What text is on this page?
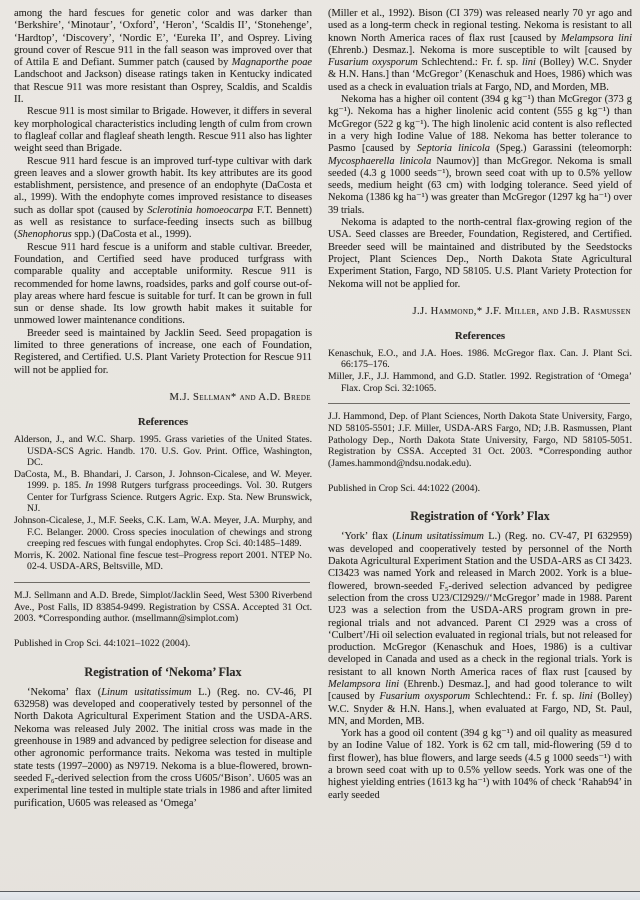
among the hard fescues for genetic color and was darker than ‘Berkshire’, ‘Minotaur’, ‘Oxford’, ‘Heron’, ‘Scaldis II’, ‘Stonehenge’, ‘Hardtop’, ‘Discovery’, ‘Nordic E’, ‘Eureka II’, and Osprey. Living ground cover of Rescue 911 in the fall season was improved over that of Attila E and Defiant. Summer patch (caused by Magnaporthe poae Landschoot and Jackson) disease ratings taken in Kentucky indicated that Rescue 911 was more resistant than Osprey, Scaldis, and Scaldis II.

Rescue 911 is most similar to Brigade. However, it differs in several key morphological characteristics including length of culm from crown to flagleaf collar and flagleaf sheath length. Rescue 911 also has lighter weight seed than Brigade.

Rescue 911 hard fescue is an improved turf-type cultivar with dark green leaves and a slower growth habit. Its key attributes are its good establishment, persistence, and presence of an endophyte (DaCosta et al., 1999). With the endophyte comes improved resistance to diseases such as dollar spot (caused by Sclerotinia homoeocarpa F.T. Bennett) as well as resistance to surface-feeding insects such as billbug (Shenophorus spp.) (DaCosta et al., 1999).

Rescue 911 hard fescue is a uniform and stable cultivar. Breeder, Foundation, and Certified seed have produced turfgrass with comparable quality and acceptable uniformity. Rescue 911 is recommended for home lawns, roadsides, parks and golf course out-of-play areas where hard fescue is suitable for turf. It can be grown in full sun or dense shade. Its low growth habit makes it suitable for unmowed lower maintenance conditions.

Breeder seed is maintained by Jacklin Seed. Seed propagation is limited to three generations of increase, one each of Foundation, Registered, and Certified. U.S. Plant Variety Protection for Rescue 911 will not be applied for.

M.J. Sellman* and A.D. Brede

References

Alderson, J., and W.C. Sharp. 1995. Grass varieties of the United States. USDA-SCS Agric. Handb. 170. U.S. Gov. Print. Office, Washington, DC.

DaCosta, M., B. Bhandari, J. Carson, J. Johnson-Cicalese, and W. Meyer. 1999. p. 185. In 1998 Rutgers turfgrass proceedings. Vol. 30. Rutgers Center for Turfgrass Science. Rutgers Agric. Exp. Sta. New Brunswick, NJ.

Johnson-Cicalese, J., M.F. Seeks, C.K. Lam, W.A. Meyer, J.A. Murphy, and F.C. Belanger. 2000. Cross species inoculation of chewings and strong creeping red fescues with fungal endophytes. Crop Sci. 40:1485–1489.

Morris, K. 2002. National fine fescue test–Progress report 2001. NTEP No. 02-4. USDA-ARS, Beltsville, MD.

M.J. Sellmann and A.D. Brede, Simplot/Jacklin Seed, West 5300 Riverbend Ave., Post Falls, ID 83854-9499. Registration by CSSA. Accepted 31 Oct. 2003. *Corresponding author. (msellmann@simplot.com)

Published in Crop Sci. 44:1021–1022 (2004).

Registration of ‘Nekoma’ Flax

‘Nekoma’ flax (Linum usitatissimum L.) (Reg. no. CV-46, PI 632958) was developed and cooperatively tested by personnel of the North Dakota Agricultural Experiment Station and the USDA-ARS. Nekoma was released July 2002. The initial cross was made in the greenhouse in 1989 and advanced by pedigree selection for disease and other agronomic performance traits. Nekoma was tested in multiple state tests (1997–2000) as N9719. Nekoma is a blue-flowered, brown-seeded F₆-derived selection from the cross U605/‘Bison’. U605 was an experimental line tested in multiple state trials in 1986 and after limited purification, U605 was released as ‘Omega’

(Miller et al., 1992). Bison (CI 379) was released nearly 70 yr ago and used as a long-term check in regional testing. Nekoma is resistant to all known North America races of flax rust [caused by Melampsora lini (Ehrenb.) Desmaz.]. Nekoma is more susceptible to wilt [caused by Fusarium oxysporum Schlechtend.: Fr. f. sp. lini (Bolley) W.C. Snyder & H.N. Hans.] than ‘McGregor’ (Kenaschuk and Hoes, 1986) which was used as a check in evaluation trials at Fargo, ND, and Morden, MB.

Nekoma has a higher oil content (394 g kg⁻¹) than McGregor (373 g kg⁻¹). Nekoma has a higher linolenic acid content (555 g kg⁻¹) than McGregor (522 g kg⁻¹). The high linolenic acid content is also reflected in a very high Iodine Value of 188. Nekoma has better tolerance to Pasmo [caused by Septoria linicola (Speg.) Garassini (teleomorph: Mycosphaerella linicola Naumov)] than McGregor. Nekoma is small seeded (4.3 g 1000 seeds⁻¹), brown seed coat with up to 0.5% yellow seeds, medium height (63 cm) with lodging tolerance. Seed yield of Nekoma (1386 kg ha⁻¹) was greater than McGregor (1297 kg ha⁻¹) over 39 trials.

Nekoma is adapted to the north-central flax-growing region of the USA. Seed classes are Breeder, Foundation, Registered, and Certified. Breeder seed will be maintained and distributed by the Seedstocks Project, Plant Sciences Dep., North Dakota State Agricultural Experiment Station, Fargo, ND 58105. U.S. Plant Variety Protection for Nekoma will not be applied for.

J.J. Hammond,* J.F. Miller, and J.B. Rasmussen

References

Kenaschuk, E.O., and J.A. Hoes. 1986. McGregor flax. Can. J. Plant Sci. 66:175–176.

Miller, J.F., J.J. Hammond, and G.D. Statler. 1992. Registration of ‘Omega’ Flax. Crop Sci. 32:1065.

J.J. Hammond, Dep. of Plant Sciences, North Dakota State University, Fargo, ND 58105-5501; J.F. Miller, USDA-ARS Fargo, ND; J.B. Rasmussen, Plant Pathology Dep., North Dakota State University, Fargo, ND 58105-5051. Registration by CSSA. Accepted 31 Oct. 2003. *Corresponding author (James.hammond@ndsu.nodak.edu).

Published in Crop Sci. 44:1022 (2004).

Registration of ‘York’ Flax

‘York’ flax (Linum usitatissimum L.) (Reg. no. CV-47, PI 632959) was developed and cooperatively tested by personnel of the North Dakota Agricultural Experiment Station and the USDA-ARS as CI 3423. CI3423 was named York and released in March 2002. York is a blue-flowered, brown-seeded F₅-derived selection advanced by pedigree selection from the cross U23/CI2929//‘McGregor’ made in 1988. Parent U23 was a selection from the USDA-ARS program grown in pre-regional trials and not advanced. Parent CI 2929 was a cross of ‘Culbert’/Hi oil selection evaluated in regional trials, but not released for production. McGregor (Kenaschuk and Hoes, 1986) is a cultivar developed in Canada and used as a check in the regional trials. York is resistant to all known North America races of flax rust [caused by Melampsora lini (Ehrenb.) Desmaz.], and had good tolerance to wilt [caused by Fusarium oxysporum Schlechtend.: Fr. f. sp. lini (Bolley) W.C. Snyder & H.N. Hans.], when evaluated at Fargo, ND, St. Paul, MN, and Morden, MB.

York has a good oil content (394 g kg⁻¹) and oil quality as measured by an Iodine Value of 182. York is 62 cm tall, mid-flowering (59 d to first flower), has blue flowers, and large seeds (4.5 g 1000 seeds⁻¹) with a brown seed coat with up to 0.5% yellow seeds. York was one of the highest yielding entries (1613 kg ha⁻¹) with 104% of check ‘Rahab94’ in early seeded
